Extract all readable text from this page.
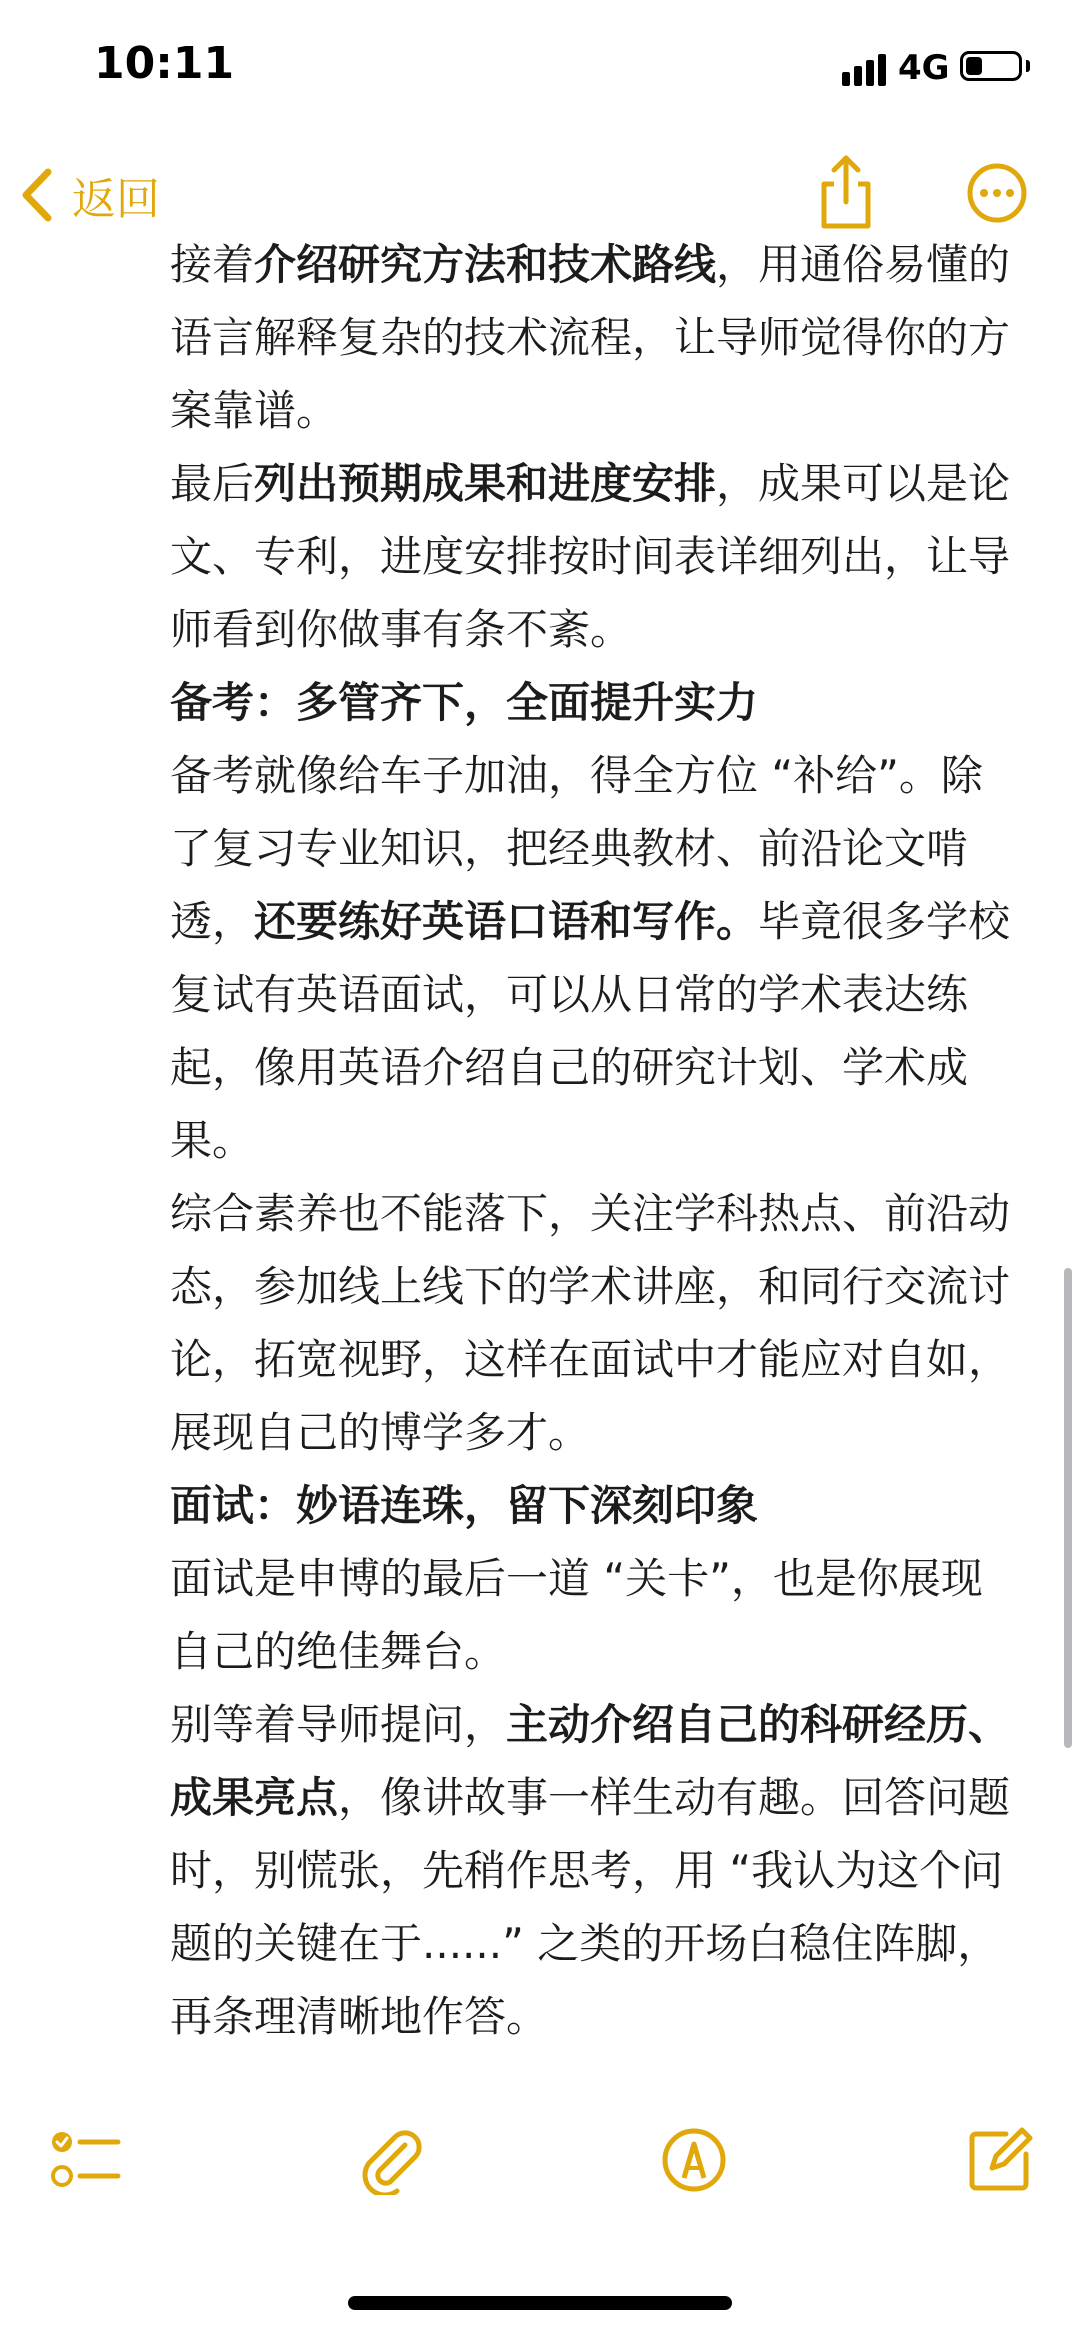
10:11	4G
返回
接着介绍研究方法和技术路线，用通俗易懂的语言解释复杂的技术流程，让导师觉得你的方案靠谱。
最后列出预期成果和进度安排，成果可以是论文、专利，进度安排按时间表详细列出，让导师看到你做事有条不紊。
备考：多管齐下，全面提升实力
备考就像给车子加油，得全方位 “补给”。除了复习专业知识，把经典教材、前沿论文啃透，还要练好英语口语和写作。毕竟很多学校复试有英语面试，可以从日常的学术表达练起，像用英语介绍自己的研究计划、学术成果。
综合素养也不能落下，关注学科热点、前沿动态，参加线上线下的学术讲座，和同行交流讨论，拓宽视野，这样在面试中才能应对自如，展现自己的博学多才。
面试：妙语连珠，留下深刻印象
面试是申博的最后一道 “关卡”，也是你展现自己的绝佳舞台。
别等着导师提问，主动介绍自己的科研经历、成果亮点，像讲故事一样生动有趣。回答问题时，别慌张，先稍作思考，用 “我认为这个问题的关键在于......” 之类的开场白稳住阵脚，再条理清晰地作答。
